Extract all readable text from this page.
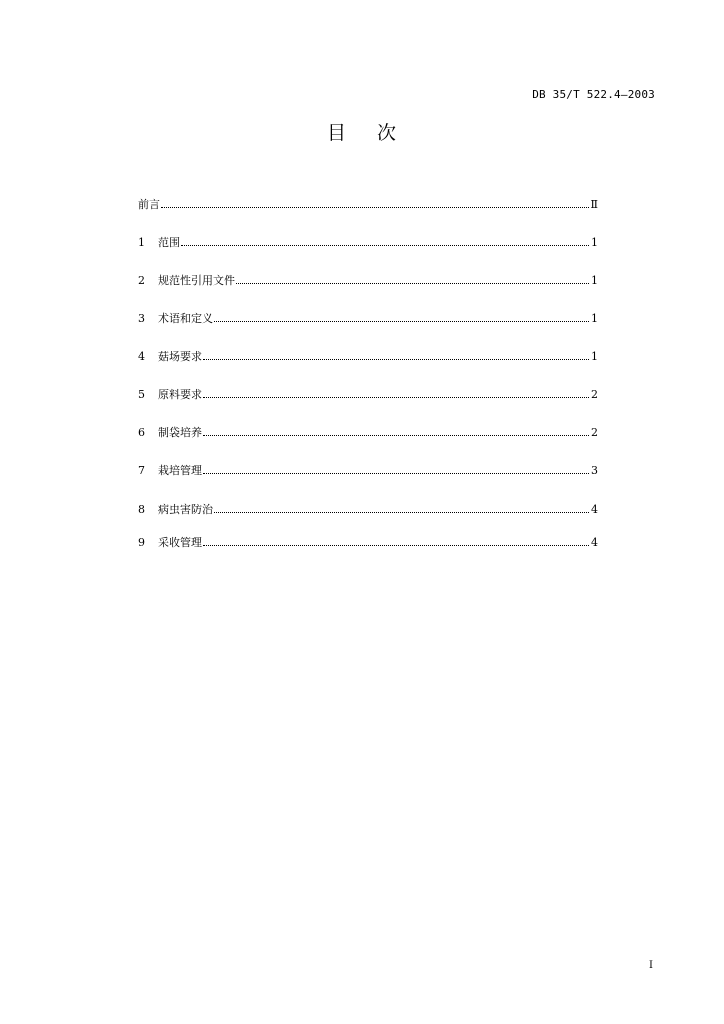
DB 35/T 522.4—2003
目 次
前言	Ⅱ
1	范围	1
2	规范性引用文件	1
3	术语和定义	1
4	菇场要求	1
5	原料要求	2
6	制袋培养	2
7	栽培管理	3
8	病虫害防治	4
9	采收管理	4
I
